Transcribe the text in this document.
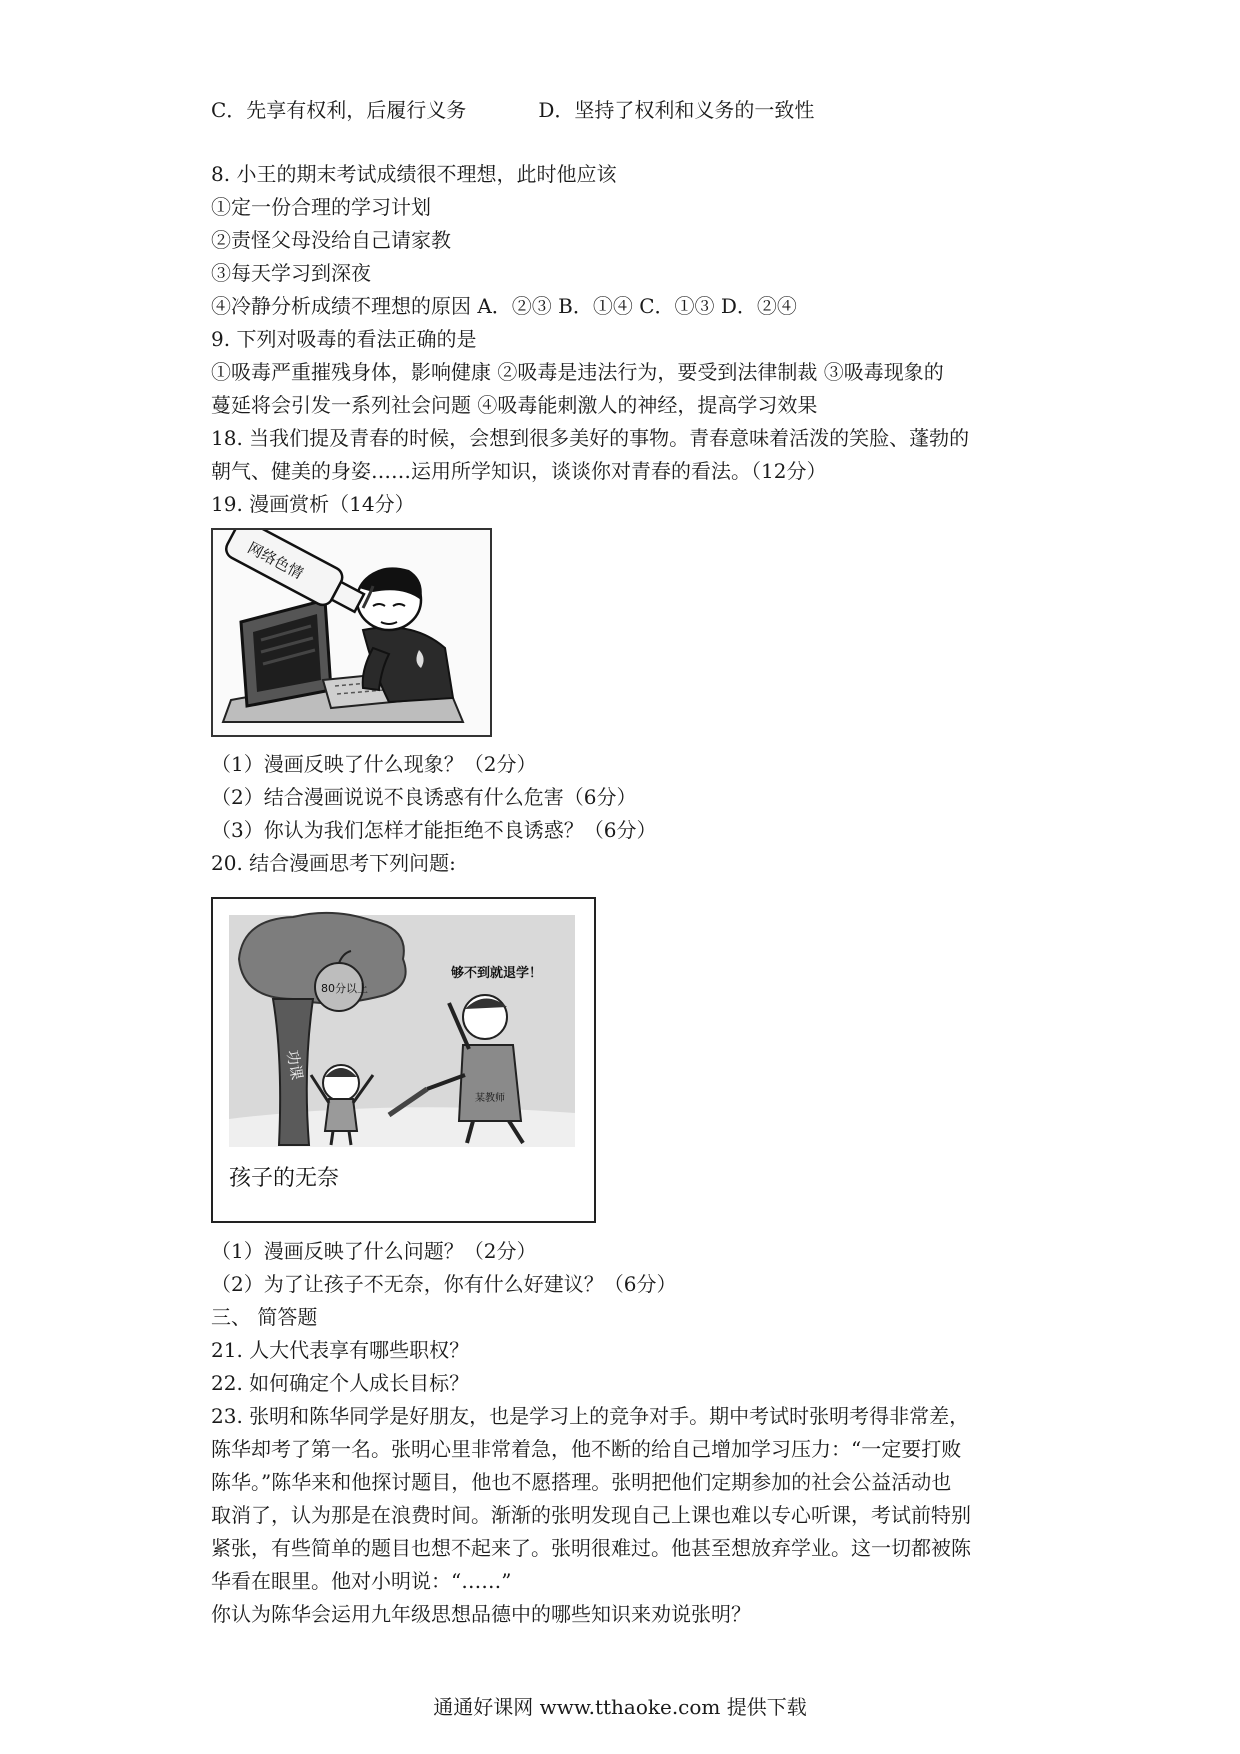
C．先享有权利，后履行义务	D．坚持了权利和义务的一致性
8. 小王的期末考试成绩很不理想，此时他应该
①定一份合理的学习计划
②责怪父母没给自己请家教
③每天学习到深夜
④冷静分析成绩不理想的原因 A．②③ B．①④ C．①③ D．②④
9. 下列对吸毒的看法正确的是
①吸毒严重摧残身体，影响健康 ②吸毒是违法行为，要受到法律制裁 ③吸毒现象的
蔓延将会引发一系列社会问题 ④吸毒能刺激人的神经，提高学习效果
18. 当我们提及青春的时候，会想到很多美好的事物。青春意味着活泼的笑脸、蓬勃的
朝气、健美的身姿……运用所学知识，谈谈你对青春的看法。（12分）
19. 漫画赏析（14分）
（1）漫画反映了什么现象？（2分）
（2）结合漫画说说不良诱惑有什么危害（6分）
（3）你认为我们怎样才能拒绝不良诱惑？（6分）
20. 结合漫画思考下列问题:
（1）漫画反映了什么问题？（2分）
（2）为了让孩子不无奈，你有什么好建议？（6分）
三、 简答题
21. 人大代表享有哪些职权？
22. 如何确定个人成长目标？
23. 张明和陈华同学是好朋友，也是学习上的竞争对手。期中考试时张明考得非常差，
陈华却考了第一名。张明心里非常着急，他不断的给自己增加学习压力：“一定要打败
陈华。”陈华来和他探讨题目，他也不愿搭理。张明把他们定期参加的社会公益活动也
取消了，认为那是在浪费时间。渐渐的张明发现自己上课也难以专心听课，考试前特别
紧张，有些简单的题目也想不起来了。张明很难过。他甚至想放弃学业。这一切都被陈
华看在眼里。他对小明说：“……”
你认为陈华会运用九年级思想品德中的哪些知识来劝说张明？
网络色情
功课
80分以上
够不到就退学！
某教师
孩子的无奈
通通好课网 www.tthaoke.com 提供下载
